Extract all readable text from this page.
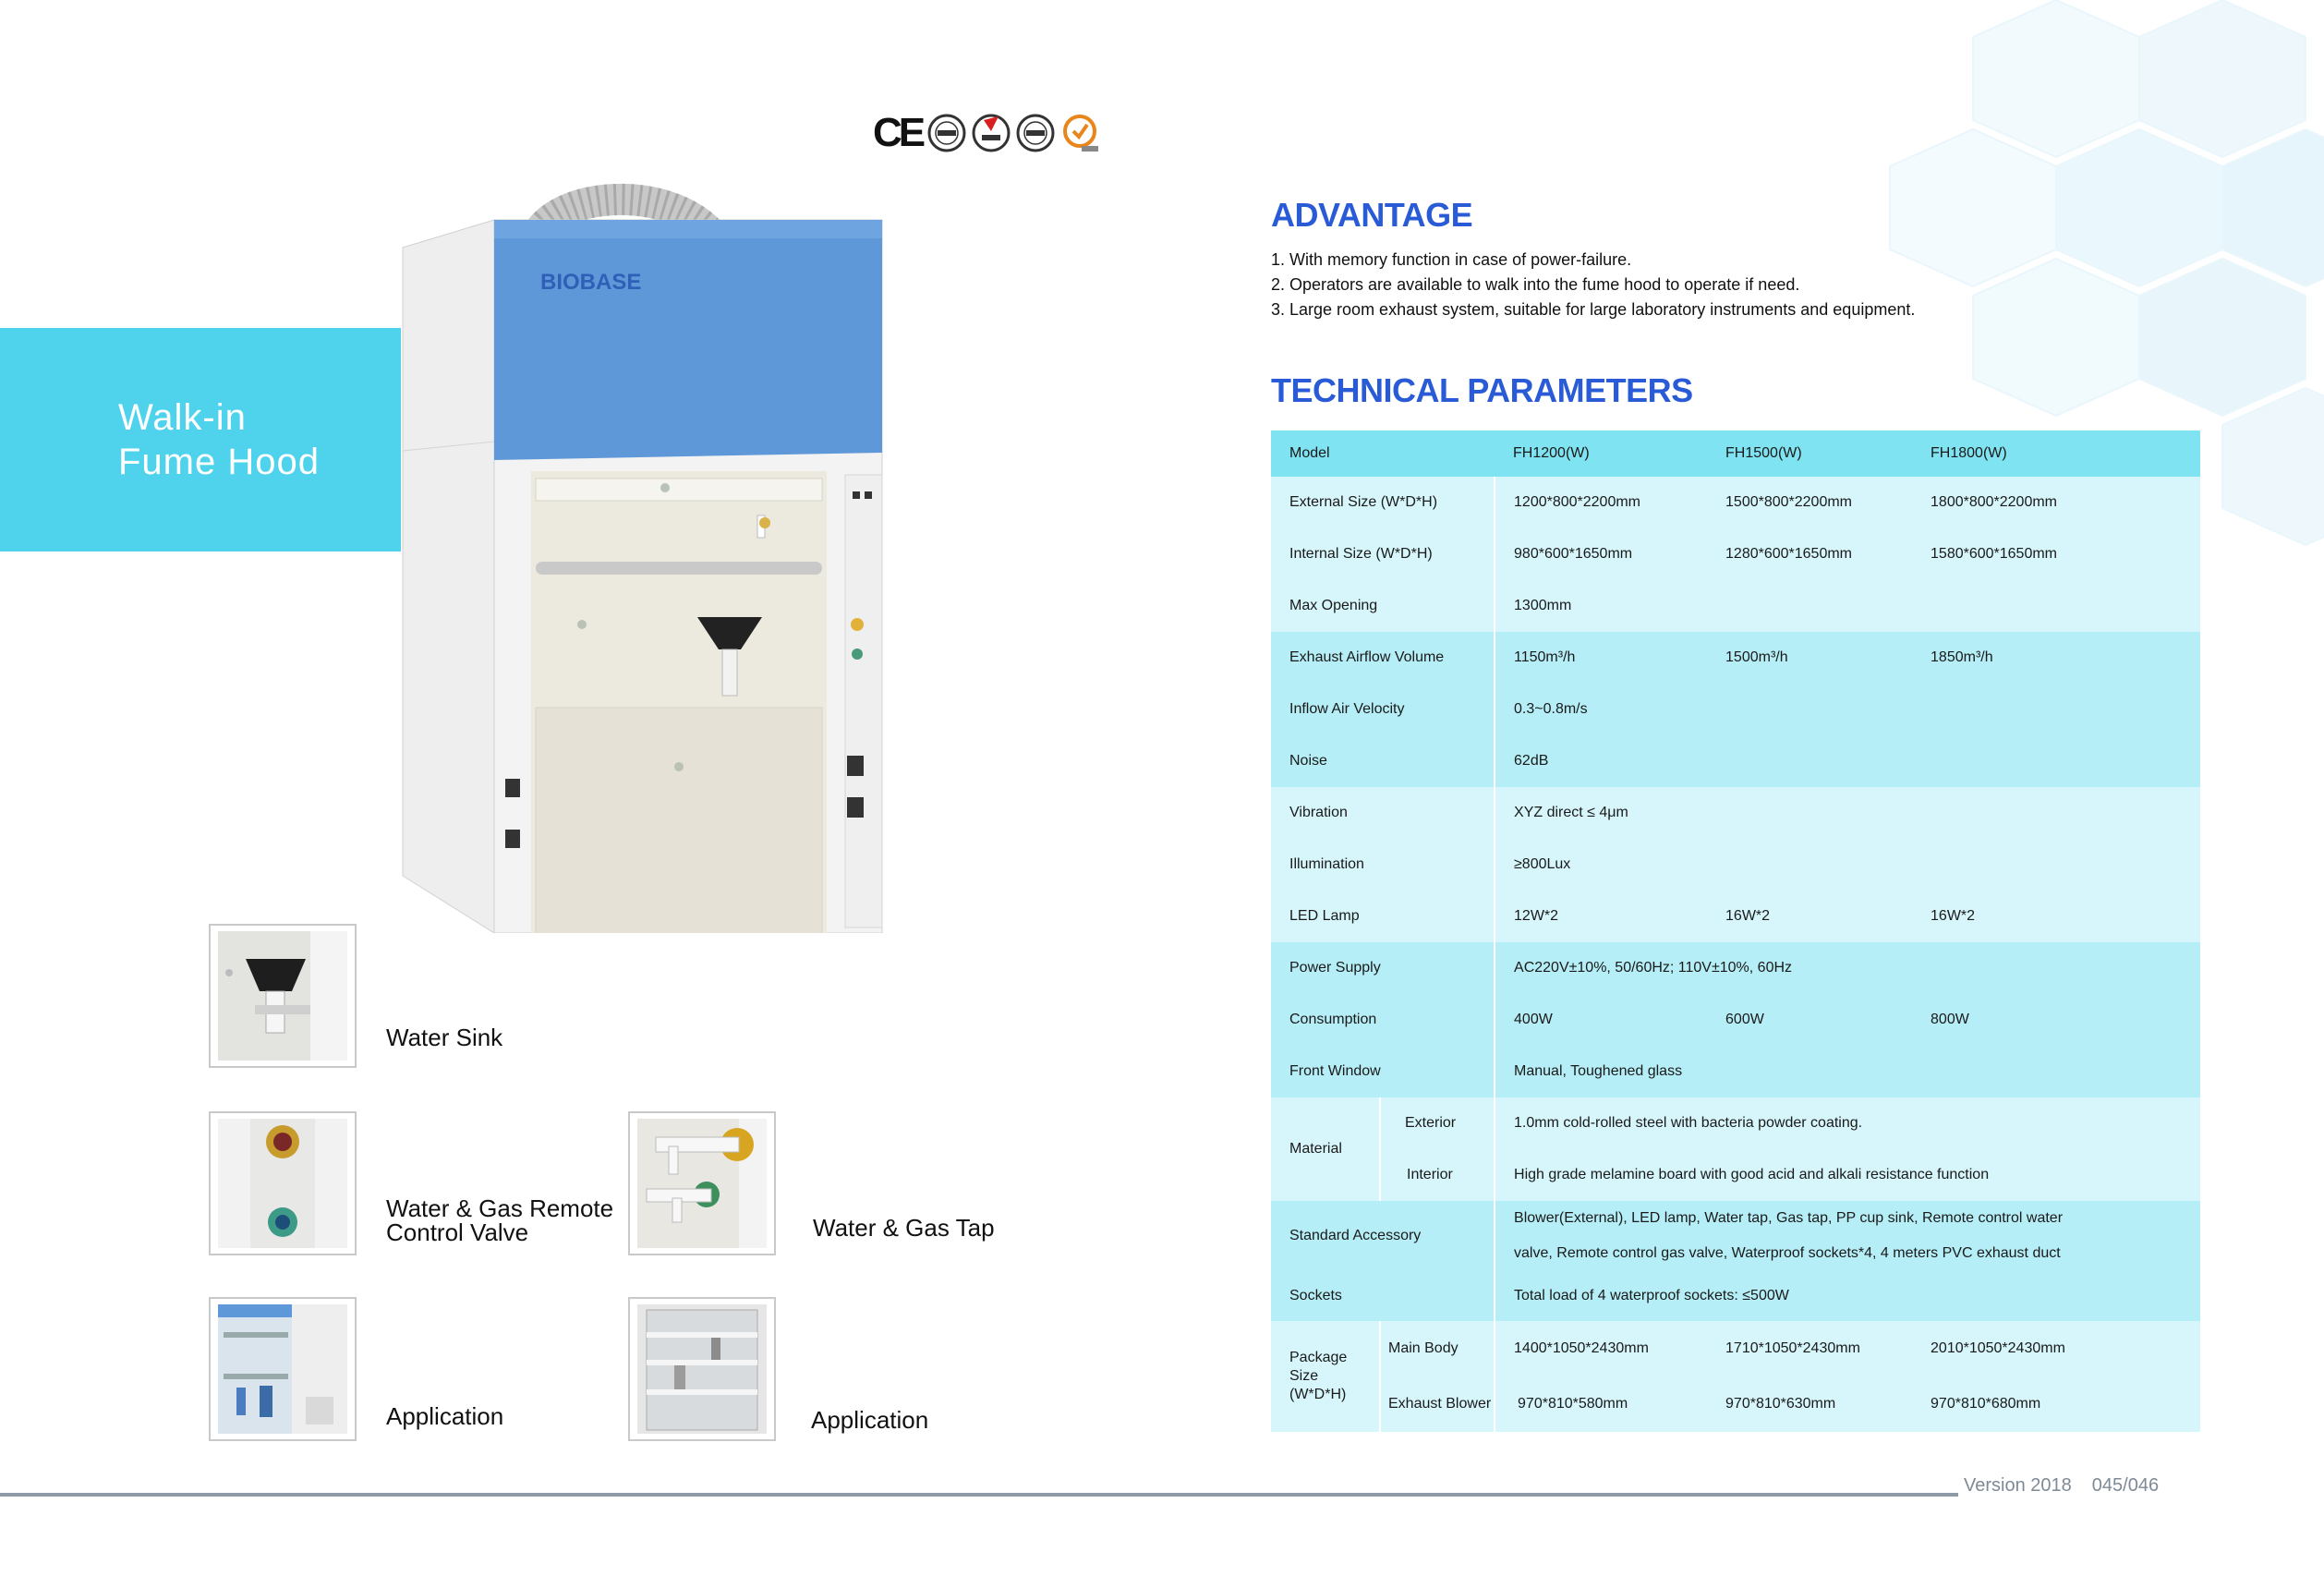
CE
Walk-in
Fume Hood
BIOBASE
Water Sink
Water & Gas Remote
Control Valve	Water & Gas Tap
Application	Application
ADVANTAGE
1. With memory function in case of power-failure.
2. Operators are available to walk into the fume hood to operate if need.
3. Large room exhaust system, suitable for large laboratory instruments and equipment.
TECHNICAL PARAMETERS
Model		FH1200(W)	FH1500(W)	FH1800(W)
External Size (W*D*H)		1200*800*2200mm	1500*800*2200mm	1800*800*2200mm
Internal Size (W*D*H)		980*600*1650mm	1280*600*1650mm	1580*600*1650mm
Max Opening		1300mm		
Exhaust Airflow Volume		1150m³/h	1500m³/h	1850m³/h
Inflow Air Velocity		0.3~0.8m/s		
Noise		62dB		
Vibration		XYZ direct ≤ 4μm		
Illumination		≥800Lux		
LED Lamp		12W*2	16W*2	16W*2
Power Supply		AC220V±10%, 50/60Hz; 110V±10%, 60Hz		
Consumption		400W	600W	800W
Front Window		Manual, Toughened glass		
Material	Exterior	1.0mm cold-rolled steel with bacteria powder coating.		
	Interior	High grade melamine board with good acid and alkali resistance function		
Standard Accessory		Blower(External), LED lamp, Water tap, Gas tap, PP cup sink, Remote control water
valve, Remote control gas valve, Waterproof sockets*4, 4 meters PVC exhaust duct		

Sockets		Total load of 4 waterproof sockets: ≤500W		

Package
Size
(W*D*H)	Main Body	1400*1050*2430mm	1710*1050*2430mm	2010*1050*2430mm
	Exhaust Blower	970*810*580mm	970*810*630mm	970*810*680mm
Version 2018 045/046
